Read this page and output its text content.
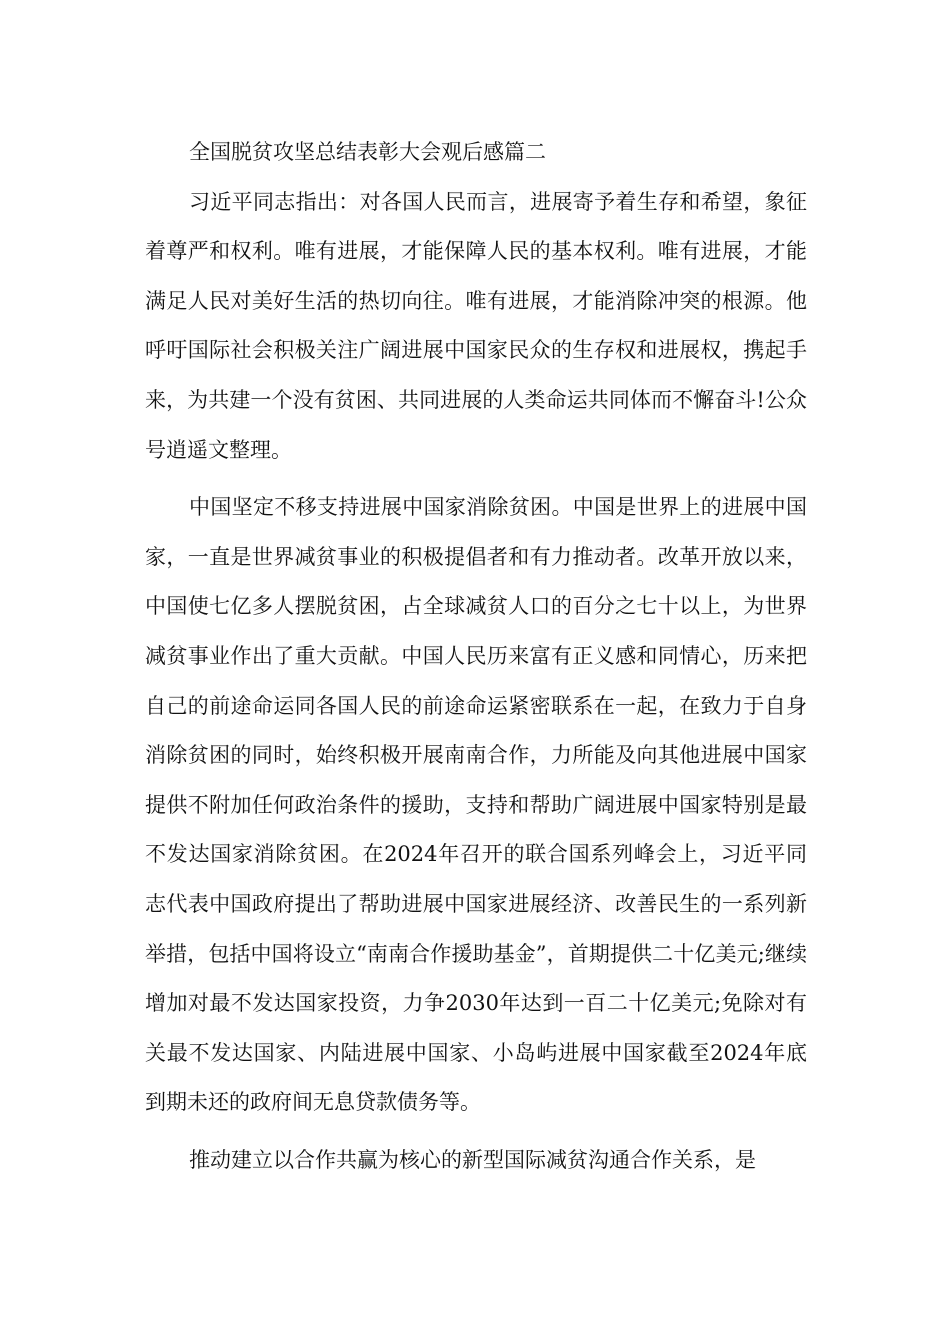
全国脱贫攻坚总结表彰大会观后感篇二

习近平同志指出：对各国人民而言，进展寄予着生存和希望，象征着尊严和权利。唯有进展，才能保障人民的基本权利。唯有进展，才能满足人民对美好生活的热切向往。唯有进展，才能消除冲突的根源。他呼吁国际社会积极关注广阔进展中国家民众的生存权和进展权，携起手来，为共建一个没有贫困、共同进展的人类命运共同体而不懈奋斗!公众号逍遥文整理。

中国坚定不移支持进展中国家消除贫困。中国是世界上的进展中国家，一直是世界减贫事业的积极提倡者和有力推动者。改革开放以来，中国使七亿多人摆脱贫困，占全球减贫人口的百分之七十以上，为世界减贫事业作出了重大贡献。中国人民历来富有正义感和同情心，历来把自己的前途命运同各国人民的前途命运紧密联系在一起，在致力于自身消除贫困的同时，始终积极开展南南合作，力所能及向其他进展中国家提供不附加任何政治条件的援助，支持和帮助广阔进展中国家特别是最不发达国家消除贫困。在2024年召开的联合国系列峰会上，习近平同志代表中国政府提出了帮助进展中国家进展经济、改善民生的一系列新举措，包括中国将设立“南南合作援助基金”，首期提供二十亿美元;继续增加对最不发达国家投资，力争2030年达到一百二十亿美元;免除对有关最不发达国家、内陆进展中国家、小岛屿进展中国家截至2024年底到期未还的政府间无息贷款债务等。

推动建立以合作共赢为核心的新型国际减贫沟通合作关系，是
